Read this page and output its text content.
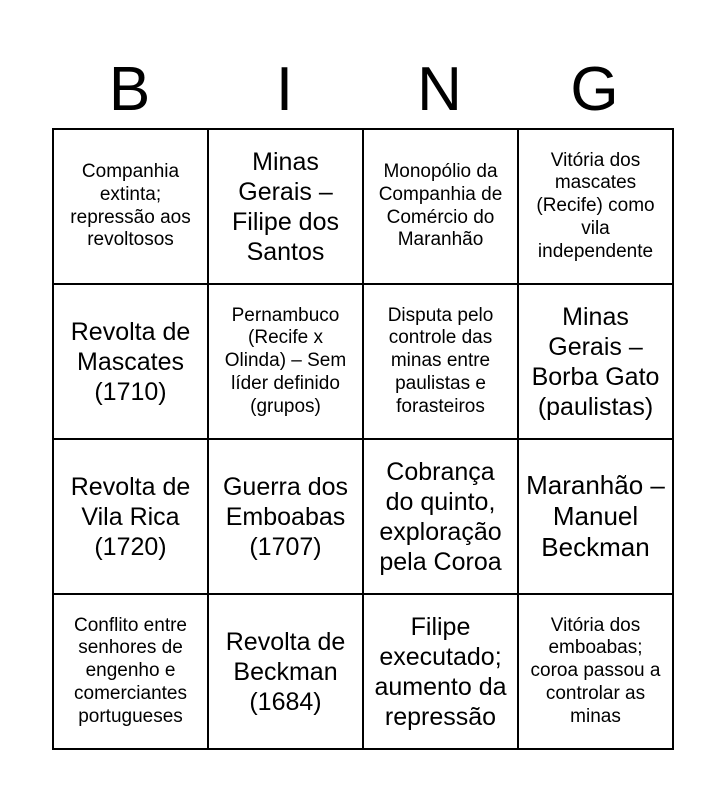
B	I	N	G
Companhia extinta; repressão aos revoltosos	Minas Gerais – Filipe dos Santos	Monopólio da Companhia de Comércio do Maranhão	Vitória dos mascates (Recife) como vila independente
Revolta de Mascates (1710)	Pernambuco (Recife x Olinda) – Sem líder definido (grupos)	Disputa pelo controle das minas entre paulistas e forasteiros	Minas Gerais – Borba Gato (paulistas)
Revolta de Vila Rica (1720)	Guerra dos Emboabas (1707)	Cobrança do quinto, exploração pela Coroa	Maranhão – Manuel Beckman
Conflito entre senhores de engenho e comerciantes portugueses	Revolta de Beckman (1684)	Filipe executado; aumento da repressão	Vitória dos emboabas; coroa passou a controlar as minas
